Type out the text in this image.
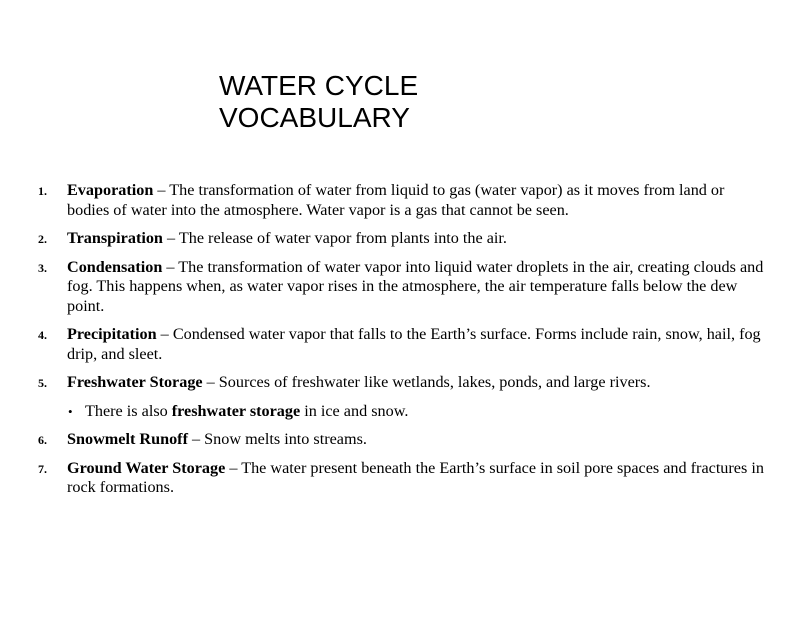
WATER CYCLE
VOCABULARY
1. Evaporation – The transformation of water from liquid to gas (water vapor) as it moves from land or bodies of water into the atmosphere. Water vapor is a gas that cannot be seen.
2. Transpiration – The release of water vapor from plants into the air.
3. Condensation – The transformation of water vapor into liquid water droplets in the air, creating clouds and fog. This happens when, as water vapor rises in the atmosphere, the air temperature falls below the dew point.
4. Precipitation – Condensed water vapor that falls to the Earth’s surface. Forms include rain, snow, hail, fog drip, and sleet.
5. Freshwater Storage – Sources of freshwater like wetlands, lakes, ponds, and large rivers.
• There is also freshwater storage in ice and snow.
6. Snowmelt Runoff – Snow melts into streams.
7. Ground Water Storage – The water present beneath the Earth’s surface in soil pore spaces and fractures in rock formations.
